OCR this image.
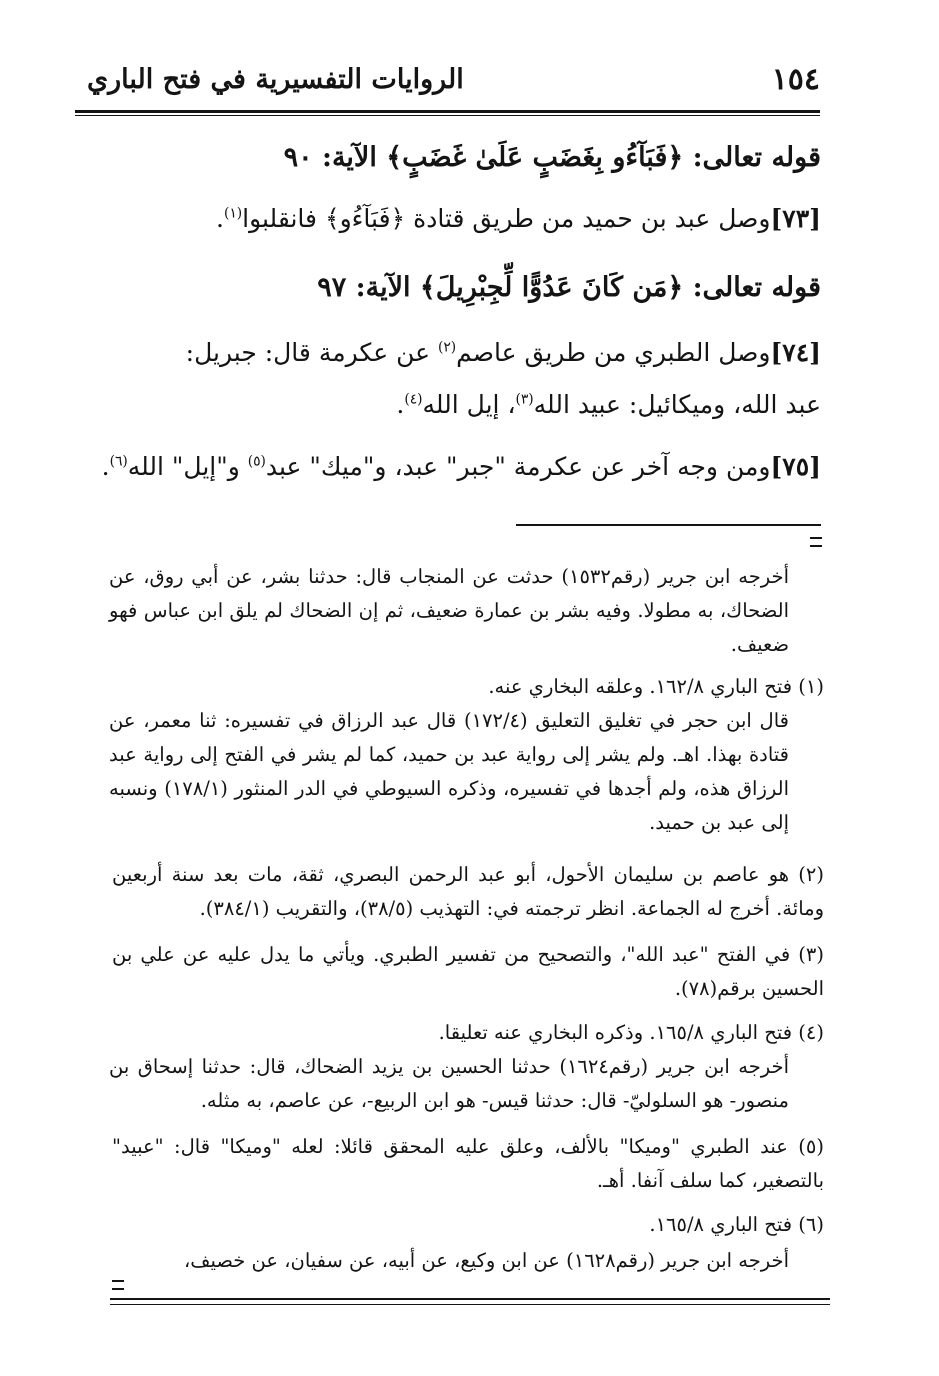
١٥٤
الروايات التفسيرية في فتح الباري
قوله تعالى: ﴿فَبَآءُو بِغَضَبٍ عَلَىٰ غَضَبٍ﴾ الآية: ٩٠
[٧٣]وصل عبد بن حميد من طريق قتادة ﴿فَبَآءُو﴾ فانقلبوا$^{(١)}$.
قوله تعالى: ﴿مَن كَانَ عَدُوًّا لِّجِبْرِيلَ﴾ الآية: ٩٧
[٧٤]وصل الطبري من طريق عاصم$^{(٢)}$ عن عكرمة قال: جبريل:
عبد الله، وميكائيل: عبيد الله$^{(٣)}$، إيل الله$^{(٤)}$.
[٧٥]ومن وجه آخر عن عكرمة "جبر" عبد، و"ميك" عبد$^{(٥)}$ و"إيل" الله$^{(٦)}$.
أخرجه ابن جرير (رقم١٥٣٢) حدثت عن المنجاب قال: حدثنا بشر، عن أبي روق، عن الضحاك، به مطولا. وفيه بشر بن عمارة ضعيف، ثم إن الضحاك لم يلق ابن عباس فهو ضعيف.
(١) فتح الباري ١٦٢/٨. وعلقه البخاري عنه.
قال ابن حجر في تغليق التعليق (١٧٢/٤) قال عبد الرزاق في تفسيره: ثنا معمر، عن قتادة بهذا. اهـ. ولم يشر إلى رواية عبد بن حميد، كما لم يشر في الفتح إلى رواية عبد الرزاق هذه، ولم أجدها في تفسيره، وذكره السيوطي في الدر المنثور (١٧٨/١) ونسبه إلى عبد بن حميد.
(٢) هو عاصم بن سليمان الأحول، أبو عبد الرحمن البصري، ثقة، مات بعد سنة أربعين ومائة. أخرج له الجماعة. انظر ترجمته في: التهذيب (٣٨/٥)، والتقريب (٣٨٤/١).
(٣) في الفتح "عبد الله"، والتصحيح من تفسير الطبري. ويأتي ما يدل عليه عن علي بن الحسين برقم(٧٨).
(٤) فتح الباري ١٦٥/٨. وذكره البخاري عنه تعليقا.
أخرجه ابن جرير (رقم١٦٢٤) حدثنا الحسين بن يزيد الضحاك، قال: حدثنا إسحاق بن منصور- هو السلوليّ- قال: حدثنا قيس- هو ابن الربيع-، عن عاصم، به مثله.
(٥) عند الطبري "وميكا" بالألف، وعلق عليه المحقق قائلا: لعله "وميكا" قال: "عبيد" بالتصغير، كما سلف آنفا. أهـ.
(٦) فتح الباري ١٦٥/٨.
أخرجه ابن جرير (رقم١٦٢٨) عن ابن وكيع، عن أبيه، عن سفيان، عن خصيف،
